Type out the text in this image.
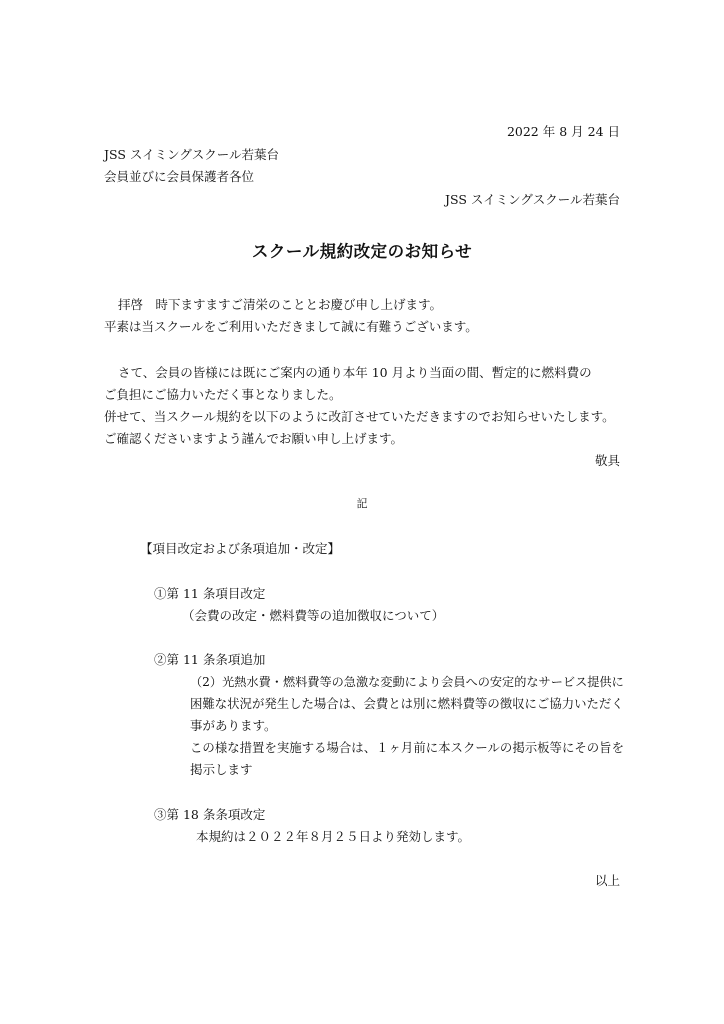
2022 年 8 月 24 日
JSS スイミングスクール若葉台
会員並びに会員保護者各位
JSS スイミングスクール若葉台
スクール規約改定のお知らせ
拝啓　時下ますますご清栄のこととお慶び申し上げます。
平素は当スクールをご利用いただきまして誠に有難うございます。
さて、会員の皆様には既にご案内の通り本年 10 月より当面の間、暫定的に燃料費の
ご負担にご協力いただく事となりました。
併せて、当スクール規約を以下のように改訂させていただきますのでお知らせいたします。
ご確認くださいますよう謹んでお願い申し上げます。
敬具
記
【項目改定および条項追加・改定】
①第 11 条項目改定
（会費の改定・燃料費等の追加徴収について）
②第 11 条条項追加
（2）光熱水費・燃料費等の急激な変動により会員への安定的なサービス提供に
困難な状況が発生した場合は、会費とは別に燃料費等の徴収にご協力いただく
事があります。
この様な措置を実施する場合は、１ヶ月前に本スクールの掲示板等にその旨を
掲示します
③第 18 条条項改定
本規約は２０２２年８月２５日より発効します。
以上
